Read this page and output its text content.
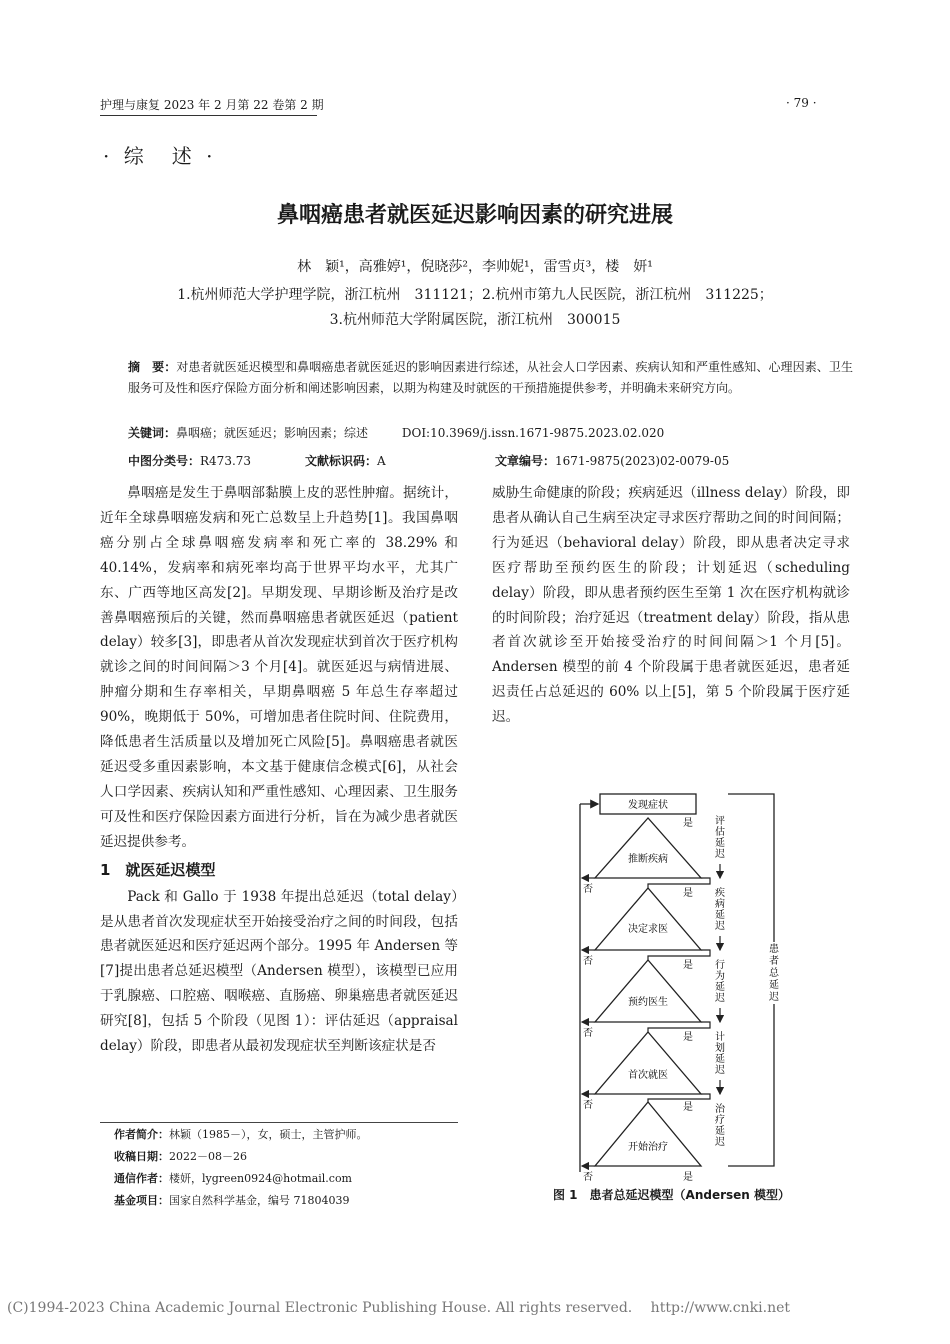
护理与康复 2023 年 2 月第 22 卷第 2 期	· 79 ·
· 综　述 ·
鼻咽癌患者就医延迟影响因素的研究进展
林　颖¹，高雅婷¹，倪晓莎²，李帅妮¹，雷雪贞³，楼　妍¹
1.杭州师范大学护理学院，浙江杭州　311121；2.杭州市第九人民医院，浙江杭州　311225；
3.杭州师范大学附属医院，浙江杭州　300015
摘　要：对患者就医延迟模型和鼻咽癌患者就医延迟的影响因素进行综述，从社会人口学因素、疾病认知和严重性感知、心理因素、卫生服务可及性和医疗保险方面分析和阐述影响因素，以期为构建及时就医的干预措施提供参考，并明确未来研究方向。
关键词：鼻咽癌；就医延迟；影响因素；综述	DOI:10.3969/j.issn.1671-9875.2023.02.020
中图分类号：R473.73	文献标识码：A	文章编号：1671-9875(2023)02-0079-05

鼻咽癌是发生于鼻咽部黏膜上皮的恶性肿瘤。据统计，近年全球鼻咽癌发病和死亡总数呈上升趋势[1]。我国鼻咽癌分别占全球鼻咽癌发病率和死亡率的 38.29% 和 40.14%，发病率和病死率均高于世界平均水平，尤其广东、广西等地区高发[2]。早期发现、早期诊断及治疗是改善鼻咽癌预后的关键，然而鼻咽癌患者就医延迟（patient delay）较多[3]，即患者从首次发现症状到首次于医疗机构就诊之间的时间间隔＞3 个月[4]。就医延迟与病情进展、肿瘤分期和生存率相关，早期鼻咽癌 5 年总生存率超过 90%，晚期低于 50%，可增加患者住院时间、住院费用，降低患者生活质量以及增加死亡风险[5]。鼻咽癌患者就医延迟受多重因素影响，本文基于健康信念模式[6]，从社会人口学因素、疾病认知和严重性感知、心理因素、卫生服务可及性和医疗保险因素方面进行分析，旨在为减少患者就医延迟提供参考。

1　就医延迟模型

Pack 和 Gallo 于 1938 年提出总延迟（total delay）是从患者首次发现症状至开始接受治疗之间的时间段，包括患者就医延迟和医疗延迟两个部分。1995 年 Andersen 等[7]提出患者总延迟模型（Andersen 模型），该模型已应用于乳腺癌、口腔癌、咽喉癌、直肠癌、卵巢癌患者就医延迟研究[8]，包括 5 个阶段（见图 1）：评估延迟（appraisal delay）阶段，即患者从最初发现症状至判断该症状是否

威胁生命健康的阶段；疾病延迟（illness delay）阶段，即患者从确认自己生病至决定寻求医疗帮助之间的时间间隔；行为延迟（behavioral delay）阶段，即从患者决定寻求医疗帮助至预约医生的阶段；计划延迟（scheduling delay）阶段，即从患者预约医生至第 1 次在医疗机构就诊的时间阶段；治疗延迟（treatment delay）阶段，指从患者首次就诊至开始接受治疗的时间间隔＞1 个月[5]。Andersen 模型的前 4 个阶段属于患者就医延迟，患者延迟责任占总延迟的 60% 以上[5]，第 5 个阶段属于医疗延迟。

发现症状
推断疾病
决定求医
预约医生
首次就医
开始治疗
否
否
否
否
否
是
是
是
是
是
是
评估延迟
疾病延迟
行为延迟
计划延迟
治疗延迟
患者总延迟
图 1　患者总延迟模型（Andersen 模型）
作者简介：林颖（1985－），女，硕士，主管护师。
收稿日期：2022－08－26
通信作者：楼妍，lygreen0924@hotmail.com
基金项目：国家自然科学基金，编号 71804039
(C)1994-2023 China Academic Journal Electronic Publishing House. All rights reserved.　 http://www.cnki.net
